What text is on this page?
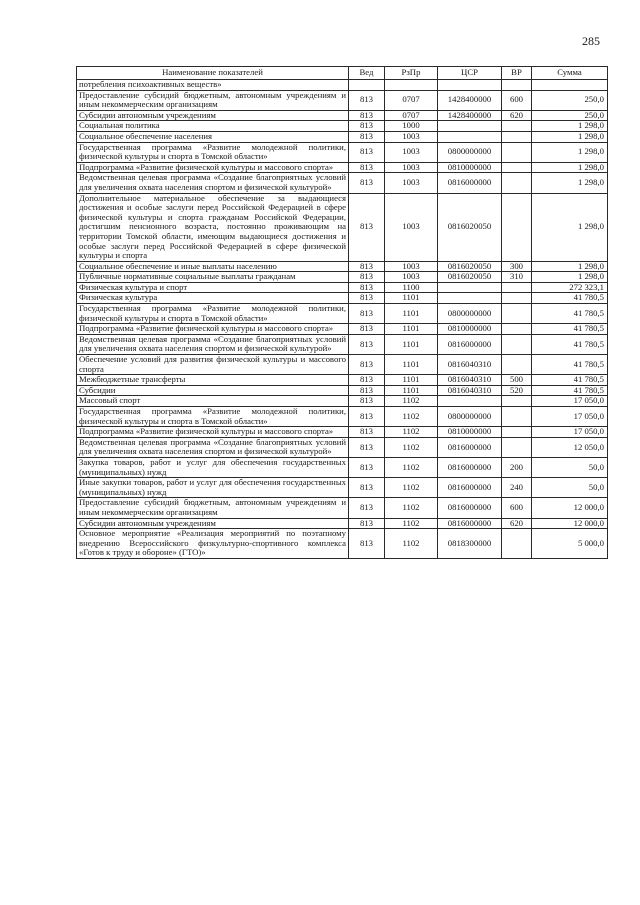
285
Наименование показателей	Вед	РзПр	ЦСР	ВР	Сумма
потребления психоактивных веществ»					
Предоставление субсидий бюджетным, автономным учреждениям и иным некоммерческим организациям	813	0707	1428400000	600	250,0
Субсидии автономным учреждениям	813	0707	1428400000	620	250,0
Социальная политика	813	1000			1 298,0
Социальное обеспечение населения	813	1003			1 298,0
Государственная программа «Развитие молодежной политики, физической культуры и спорта в Томской области»	813	1003	0800000000		1 298,0
Подпрограмма «Развитие физической культуры и массового спорта»	813	1003	0810000000		1 298,0
Ведомственная целевая программа «Создание благоприятных условий для увеличения охвата населения спортом и физической культурой»	813	1003	0816000000		1 298,0
Дополнительное материальное обеспечение за выдающиеся достижения и особые заслуги перед Российской Федерацией в сфере физической культуры и спорта гражданам Российской Федерации, достигшим пенсионного возраста, постоянно проживающим на территории Томской области, имеющим выдающиеся достижения и особые заслуги перед Российской Федерацией в сфере физической культуры и спорта	813	1003	0816020050		1 298,0
Социальное обеспечение и иные выплаты населению	813	1003	0816020050	300	1 298,0
Публичные нормативные социальные выплаты гражданам	813	1003	0816020050	310	1 298,0
Физическая культура и спорт	813	1100			272 323,1
Физическая культура	813	1101			41 780,5
Государственная программа «Развитие молодежной политики, физической культуры и спорта в Томской области»	813	1101	0800000000		41 780,5
Подпрограмма «Развитие физической культуры и массового спорта»	813	1101	0810000000		41 780,5
Ведомственная целевая программа «Создание благоприятных условий для увеличения охвата населения спортом и физической культурой»	813	1101	0816000000		41 780,5
Обеспечение условий для развития физической культуры и массового спорта	813	1101	0816040310		41 780,5
Межбюджетные трансферты	813	1101	0816040310	500	41 780,5
Субсидии	813	1101	0816040310	520	41 780,5
Массовый спорт	813	1102			17 050,0
Государственная программа «Развитие молодежной политики, физической культуры и спорта в Томской области»	813	1102	0800000000		17 050,0
Подпрограмма «Развитие физической культуры и массового спорта»	813	1102	0810000000		17 050,0
Ведомственная целевая программа «Создание благоприятных условий для увеличения охвата населения спортом и физической культурой»	813	1102	0816000000		12 050,0
Закупка товаров, работ и услуг для обеспечения государственных (муниципальных) нужд	813	1102	0816000000	200	50,0
Иные закупки товаров, работ и услуг для обеспечения государственных (муниципальных) нужд	813	1102	0816000000	240	50,0
Предоставление субсидий бюджетным, автономным учреждениям и иным некоммерческим организациям	813	1102	0816000000	600	12 000,0
Субсидии автономным учреждениям	813	1102	0816000000	620	12 000,0
Основное мероприятие «Реализация мероприятий по поэтапному внедрению Всероссийского физкультурно-спортивного комплекса «Готов к труду и обороне» (ГТО)»	813	1102	0818300000		5 000,0
